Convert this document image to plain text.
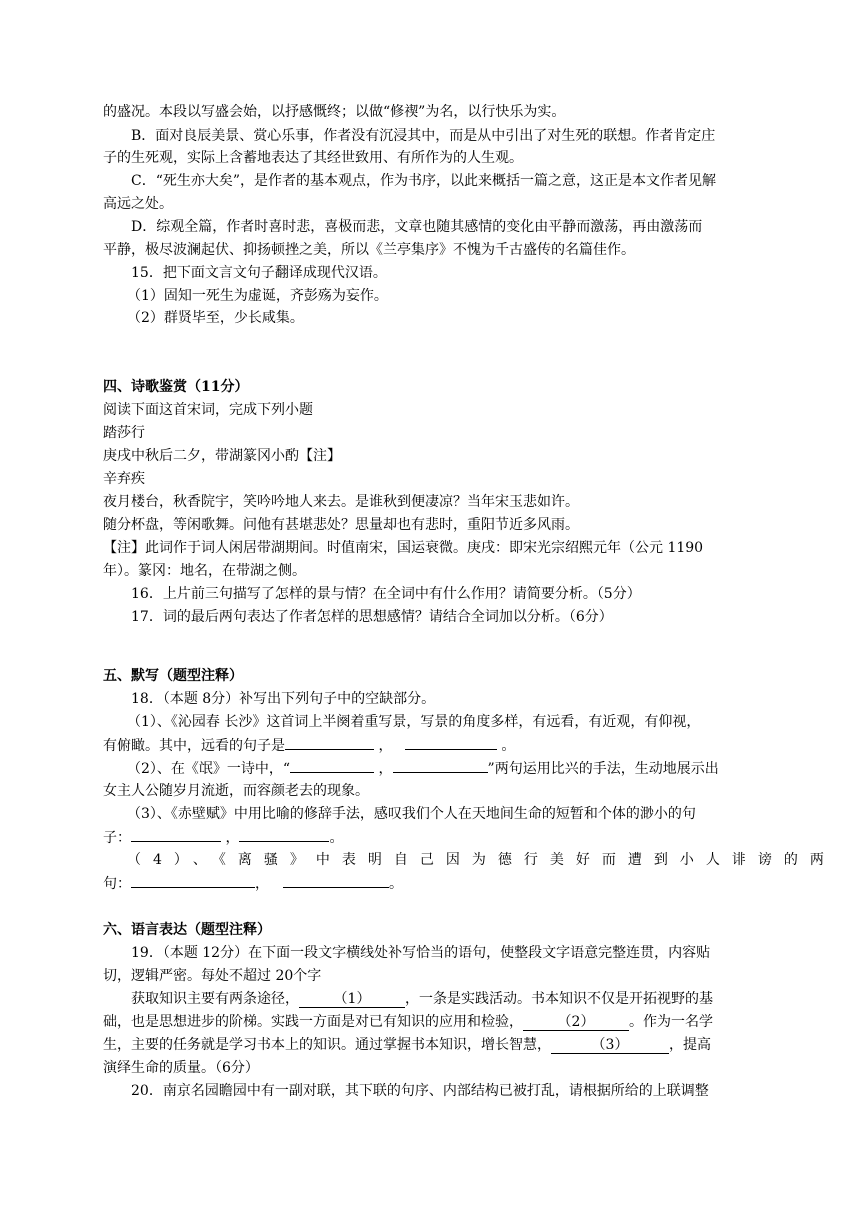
的盛况。本段以写盛会始，以抒感慨终；以做“修禊”为名，以行快乐为实。
B．面对良辰美景、赏心乐事，作者没有沉浸其中，而是从中引出了对生死的联想。作者肯定庄
子的生死观，实际上含蓄地表达了其经世致用、有所作为的人生观。
C．“死生亦大矣”，是作者的基本观点，作为书序，以此来概括一篇之意，这正是本文作者见解
高远之处。
D．综观全篇，作者时喜时悲，喜极而悲，文章也随其感情的变化由平静而激荡，再由激荡而
平静，极尽波澜起伏、抑扬顿挫之美，所以《兰亭集序》不愧为千古盛传的名篇佳作。
15．把下面文言文句子翻译成现代汉语。
（1）固知一死生为虚诞，齐彭殇为妄作。
（2）群贤毕至，少长咸集。
四、诗歌鉴赏（11分）
阅读下面这首宋词，完成下列小题
踏莎行
庚戌中秋后二夕，带湖篆冈小酌【注】
辛弃疾
夜月楼台，秋香院宇，笑吟吟地人来去。是谁秋到便凄凉？当年宋玉悲如许。
随分杯盘，等闲歌舞。问他有甚堪悲处？思量却也有悲时，重阳节近多风雨。
【注】此词作于词人闲居带湖期间。时值南宋，国运衰微。庚戌：即宋光宗绍熙元年（公元 1190
年）。篆冈：地名，在带湖之侧。
16．上片前三句描写了怎样的景与情？在全词中有什么作用？请简要分析。（5分）
17．词的最后两句表达了作者怎样的思想感情？请结合全词加以分析。（6分）
五、默写（题型注释）
18．（本题 8分）补写出下列句子中的空缺部分。
（1）、《沁园春 长沙》这首词上半阕着重写景，写景的角度多样，有远看，有近观，有仰视，
有俯瞰。其中，远看的句子是	，	。
（2）、在《氓》一诗中，“	，	”两句运用比兴的手法，生动地展示出
女主人公随岁月流逝，而容颜老去的现象。
（3）、《赤壁赋》中用比喻的修辞手法，感叹我们个人在天地间生命的短暂和个体的渺小的句
子：	，	。
（4）、《离骚》中表明自己因为德行美好而遭到小人诽谤的两
句：	，	。
六、语言表达（题型注释）
19．（本题 12分）在下面一段文字横线处补写恰当的语句，使整段文字语意完整连贯，内容贴
切，逻辑严密。每处不超过 20个字
获取知识主要有两条途径， （1） ，一条是实践活动。书本知识不仅是开拓视野的基
础，也是思想进步的阶梯。实践一方面是对已有知识的应用和检验， （2） 。作为一名学
生，主要的任务就是学习书本上的知识。通过掌握书本知识，增长智慧，	（3）	，提高
演绎生命的质量。（6分）
20．南京名园瞻园中有一副对联，其下联的句序、内部结构已被打乱，请根据所给的上联调整
